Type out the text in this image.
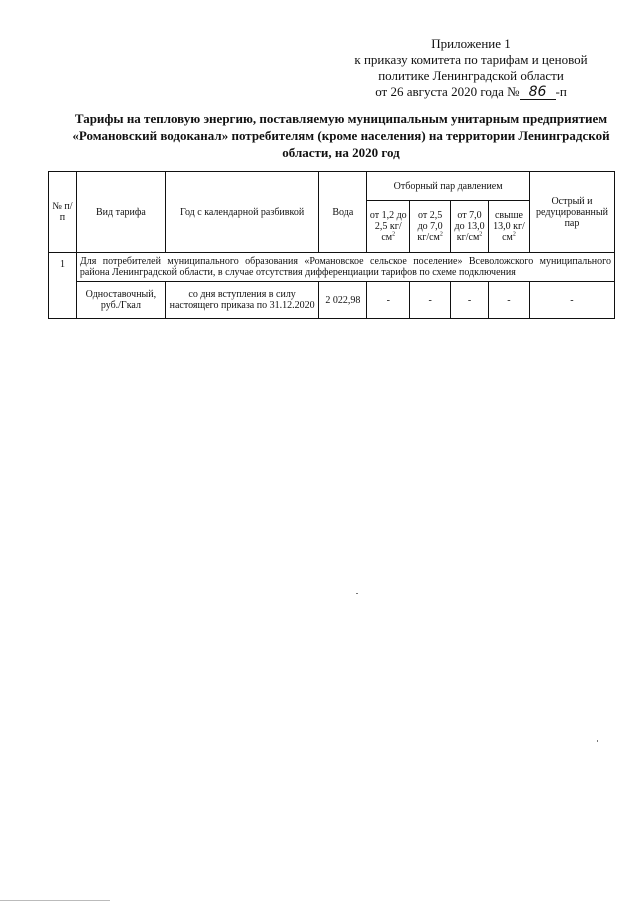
Приложение 1
к приказу комитета по тарифам и ценовой
политике Ленинградской области
от 26 августа 2020 года № 86 -п
Тарифы на тепловую энергию, поставляемую муниципальным унитарным предприятием
«Романовский водоканал» потребителям (кроме населения) на территории Ленинградской
области, на 2020 год
№ п/п	Вид тарифа	Год с календарной разбивкой	Вода	Отборный пар давлением				Острый и редуцированный пар
				от 1,2 до 2,5 $кг/см^2$	от 2,5 до 7,0 $кг/см^2$	от 7,0 до 13,0 $кг/см^2$	свыше 13,0 $кг/см^2$
1	Для потребителей муниципального образования «Романовское сельское поселение» Всеволожского муниципального района Ленинградской области, в случае отсутствия дифференциации тарифов по схеме подключения							
	Одноставочный, руб./Гкал	со дня вступления в силу настоящего приказа по 31.12.2020	2 022,98	-	-	-	-	-
